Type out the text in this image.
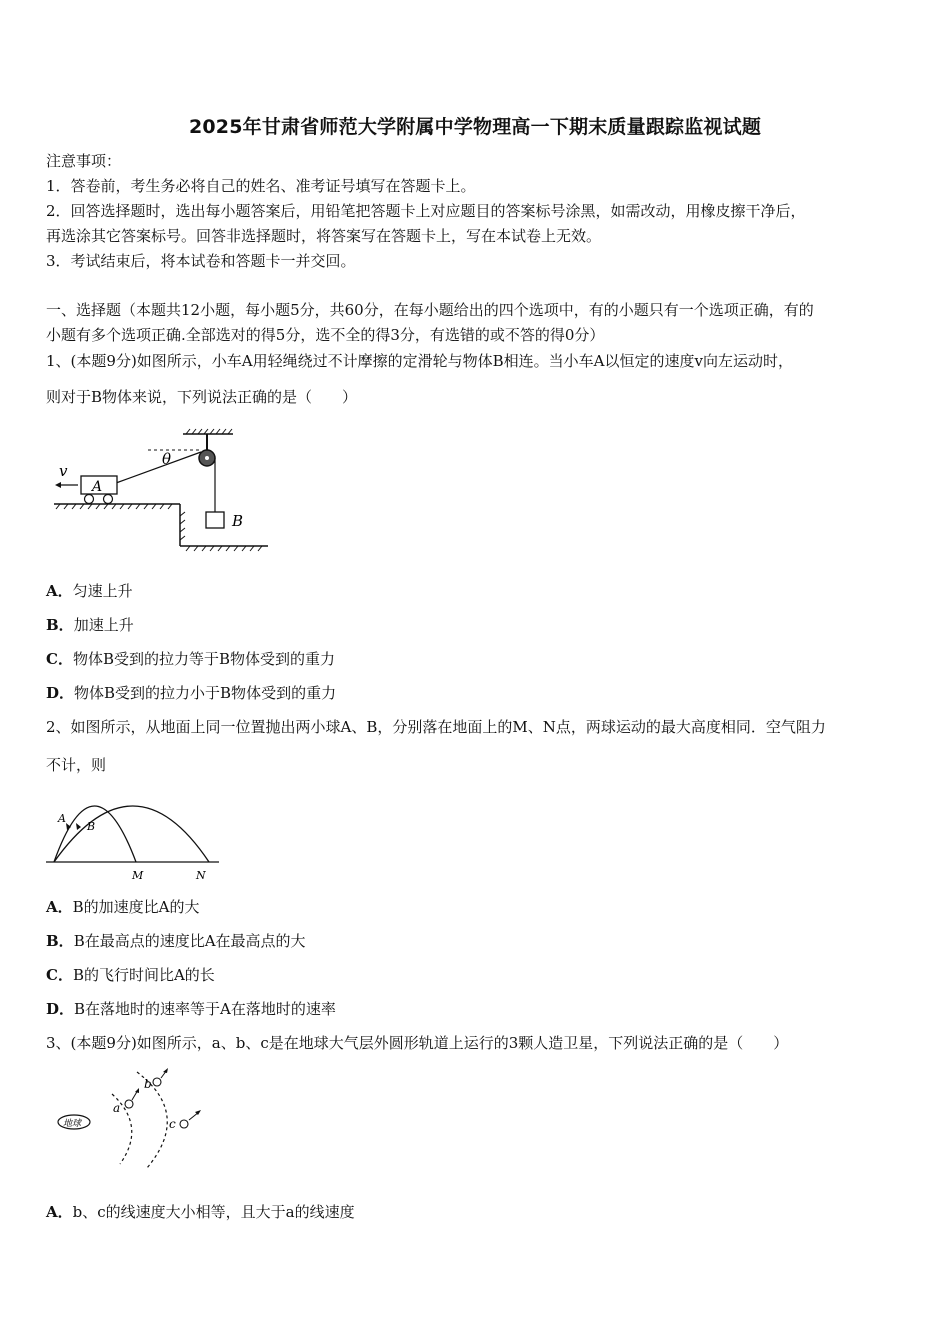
2025年甘肃省师范大学附属中学物理高一下期末质量跟踪监视试题
注意事项：
1．答卷前，考生务必将自己的姓名、准考证号填写在答题卡上。
2．回答选择题时，选出每小题答案后，用铅笔把答题卡上对应题目的答案标号涂黑，如需改动，用橡皮擦干净后，
再选涂其它答案标号。回答非选择题时，将答案写在答题卡上，写在本试卷上无效。
3．考试结束后，将本试卷和答题卡一并交回。
一、选择题（本题共12小题，每小题5分，共60分，在每小题给出的四个选项中，有的小题只有一个选项正确，有的
小题有多个选项正确.全部选对的得5分，选不全的得3分，有选错的或不答的得0分）
1、(本题9分)如图所示，小车A用轻绳绕过不计摩擦的定滑轮与物体B相连。当小车A以恒定的速度v向左运动时，
则对于B物体来说，下列说法正确的是（　　）
B
θ
A
v
A．匀速上升
B．加速上升
C．物体B受到的拉力等于B物体受到的重力
D．物体B受到的拉力小于B物体受到的重力
2、如图所示，从地面上同一位置抛出两小球A、B，分别落在地面上的M、N点，两球运动的最大高度相同．空气阻力
不计，则
A
B
M	N
A．B的加速度比A的大
B．B在最高点的速度比A在最高点的大
C．B的飞行时间比A的长
D．B在落地时的速率等于A在落地时的速率
3、(本题9分)如图所示，a、b、c是在地球大气层外圆形轨道上运行的3颗人造卫星，下列说法正确的是（　　）
地球
a
b
c
A．b、c的线速度大小相等，且大于a的线速度
